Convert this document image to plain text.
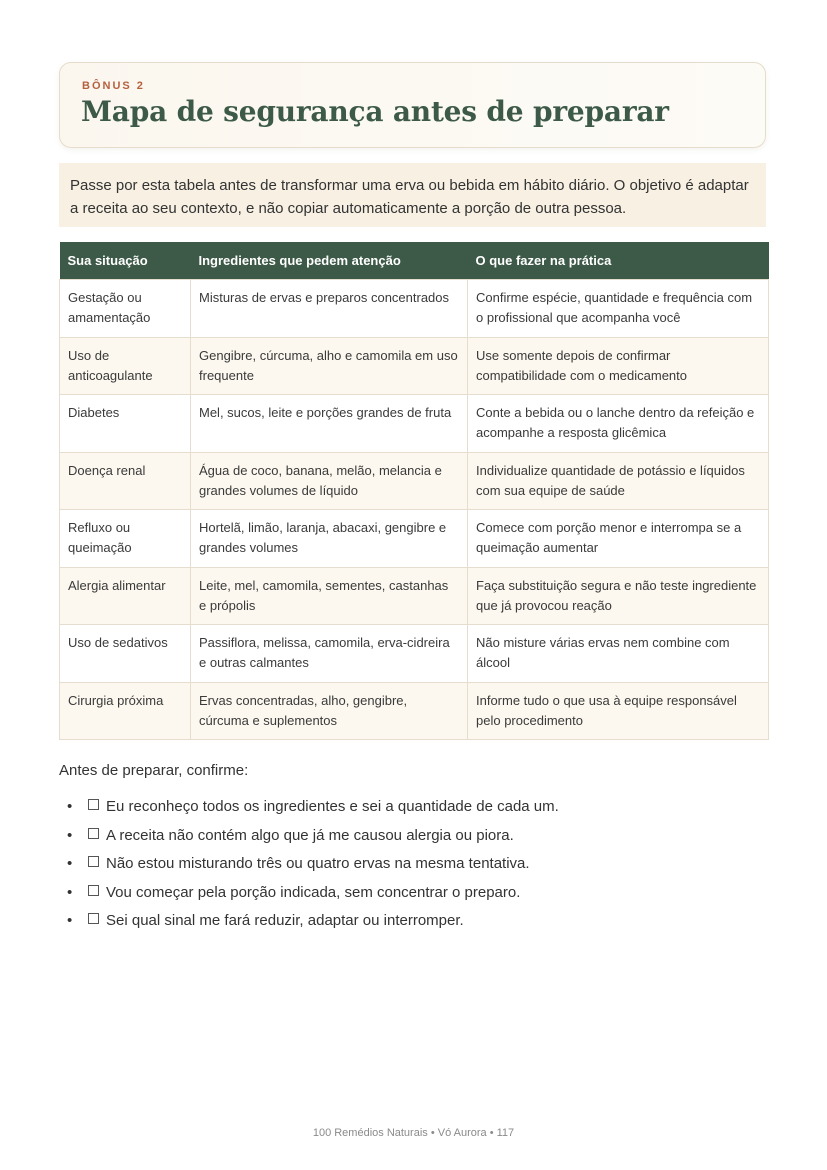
BÔNUS 2
Mapa de segurança antes de preparar
Passe por esta tabela antes de transformar uma erva ou bebida em hábito diário. O objetivo é adaptar a receita ao seu contexto, e não copiar automaticamente a porção de outra pessoa.
Sua situação	Ingredientes que pedem atenção	O que fazer na prática
Gestação ou amamentação	Misturas de ervas e preparos concentrados	Confirme espécie, quantidade e frequência com o profissional que acompanha você
Uso de anticoagulante	Gengibre, cúrcuma, alho e camomila em uso frequente	Use somente depois de confirmar compatibilidade com o medicamento
Diabetes	Mel, sucos, leite e porções grandes de fruta	Conte a bebida ou o lanche dentro da refeição e acompanhe a resposta glicêmica
Doença renal	Água de coco, banana, melão, melancia e grandes volumes de líquido	Individualize quantidade de potássio e líquidos com sua equipe de saúde
Refluxo ou queimação	Hortelã, limão, laranja, abacaxi, gengibre e grandes volumes	Comece com porção menor e interrompa se a queimação aumentar
Alergia alimentar	Leite, mel, camomila, sementes, castanhas e própolis	Faça substituição segura e não teste ingrediente que já provocou reação
Uso de sedativos	Passiflora, melissa, camomila, erva-cidreira e outras calmantes	Não misture várias ervas nem combine com álcool
Cirurgia próxima	Ervas concentradas, alho, gengibre, cúrcuma e suplementos	Informe tudo o que usa à equipe responsável pelo procedimento
Antes de preparar, confirme:
• Eu reconheço todos os ingredientes e sei a quantidade de cada um.
• A receita não contém algo que já me causou alergia ou piora.
• Não estou misturando três ou quatro ervas na mesma tentativa.
• Vou começar pela porção indicada, sem concentrar o preparo.
• Sei qual sinal me fará reduzir, adaptar ou interromper.
100 Remédios Naturais • Vó Aurora • 117
